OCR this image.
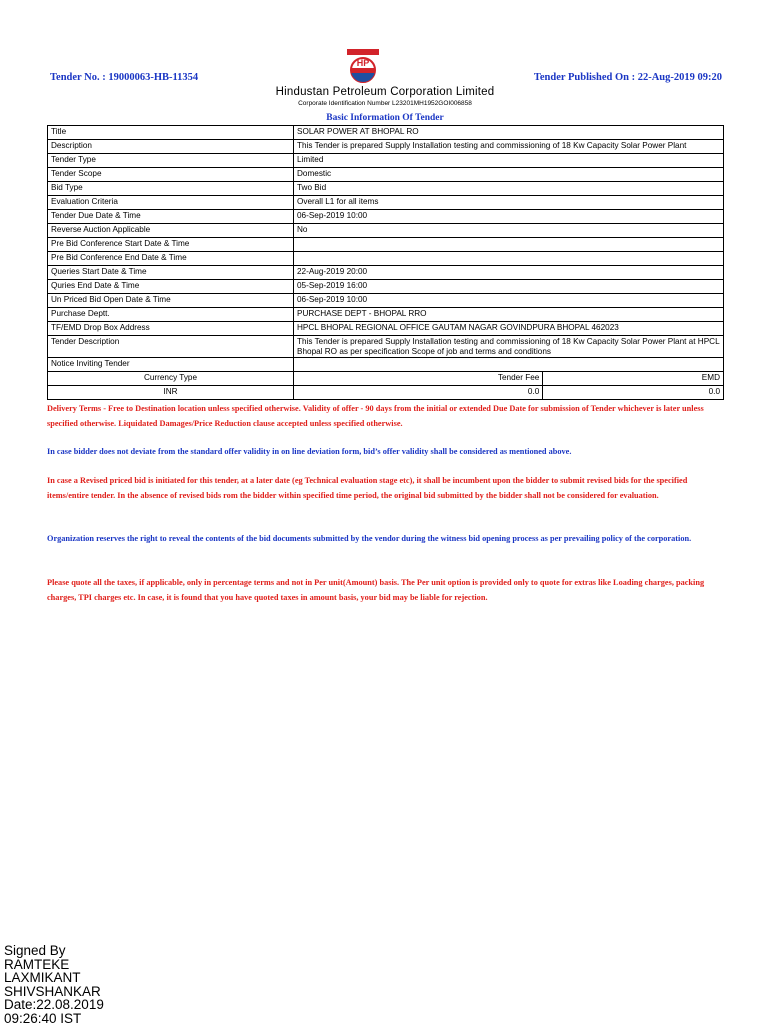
Tender No. : 19000063-HB-11354	Tender Published On : 22-Aug-2019 09:20
HP
Hindustan Petroleum Corporation Limited
Corporate Identification Number L23201MH1952GOI006858
Basic Information Of Tender
Title	SOLAR POWER AT BHOPAL RO
Description	This Tender is prepared Supply Installation testing and commissioning of 18 Kw Capacity Solar Power Plant
Tender Type	Limited
Tender Scope	Domestic
Bid Type	Two Bid
Evaluation Criteria	Overall L1 for all items
Tender Due Date & Time	06-Sep-2019 10:00
Reverse Auction Applicable	No
Pre Bid Conference Start Date & Time	
Pre Bid Conference End Date & Time	
Queries Start Date & Time	22-Aug-2019 20:00
Quries End Date & Time	05-Sep-2019 16:00
Un Priced Bid Open Date & Time	06-Sep-2019 10:00
Purchase Deptt.	PURCHASE DEPT - BHOPAL RRO
TF/EMD Drop Box Address	HPCL BHOPAL REGIONAL OFFICE GAUTAM NAGAR GOVINDPURA BHOPAL 462023
Tender Description	This Tender is prepared Supply Installation testing and commissioning of 18 Kw Capacity Solar Power Plant at HPCL Bhopal RO as per specification Scope of job and terms and conditions
Notice Inviting Tender	
Currency Type		Tender Fee	EMD

INR		0.0	0.0
Delivery Terms - Free to Destination location unless specified otherwise. Validity of offer - 90 days from the initial or extended Due Date for submission of Tender whichever is later unless specified otherwise. Liquidated Damages/Price Reduction clause accepted unless specified otherwise.
In case bidder does not deviate from the standard offer validity in on line deviation form, bid’s offer validity shall be considered as mentioned above.
In case a Revised priced bid is initiated for this tender, at a later date (eg Technical evaluation stage etc), it shall be incumbent upon the bidder to submit revised bids for the specified items/entire tender. In the absence of revised bids rom the bidder within specified time period, the original bid submitted by the bidder shall not be considered for evaluation.
Organization reserves the right to reveal the contents of the bid documents submitted by the vendor during the witness bid opening process as per prevailing policy of the corporation.
Please quote all the taxes, if applicable, only in percentage terms and not in Per unit(Amount) basis. The Per unit option is provided only to quote for extras like Loading charges, packing charges, TPI charges etc. In case, it is found that you have quoted taxes in amount basis, your bid may be liable for rejection.
Signed By
RAMTEKE
LAXMIKANT
SHIVSHANKAR
Date:22.08.2019
09:26:40 IST
